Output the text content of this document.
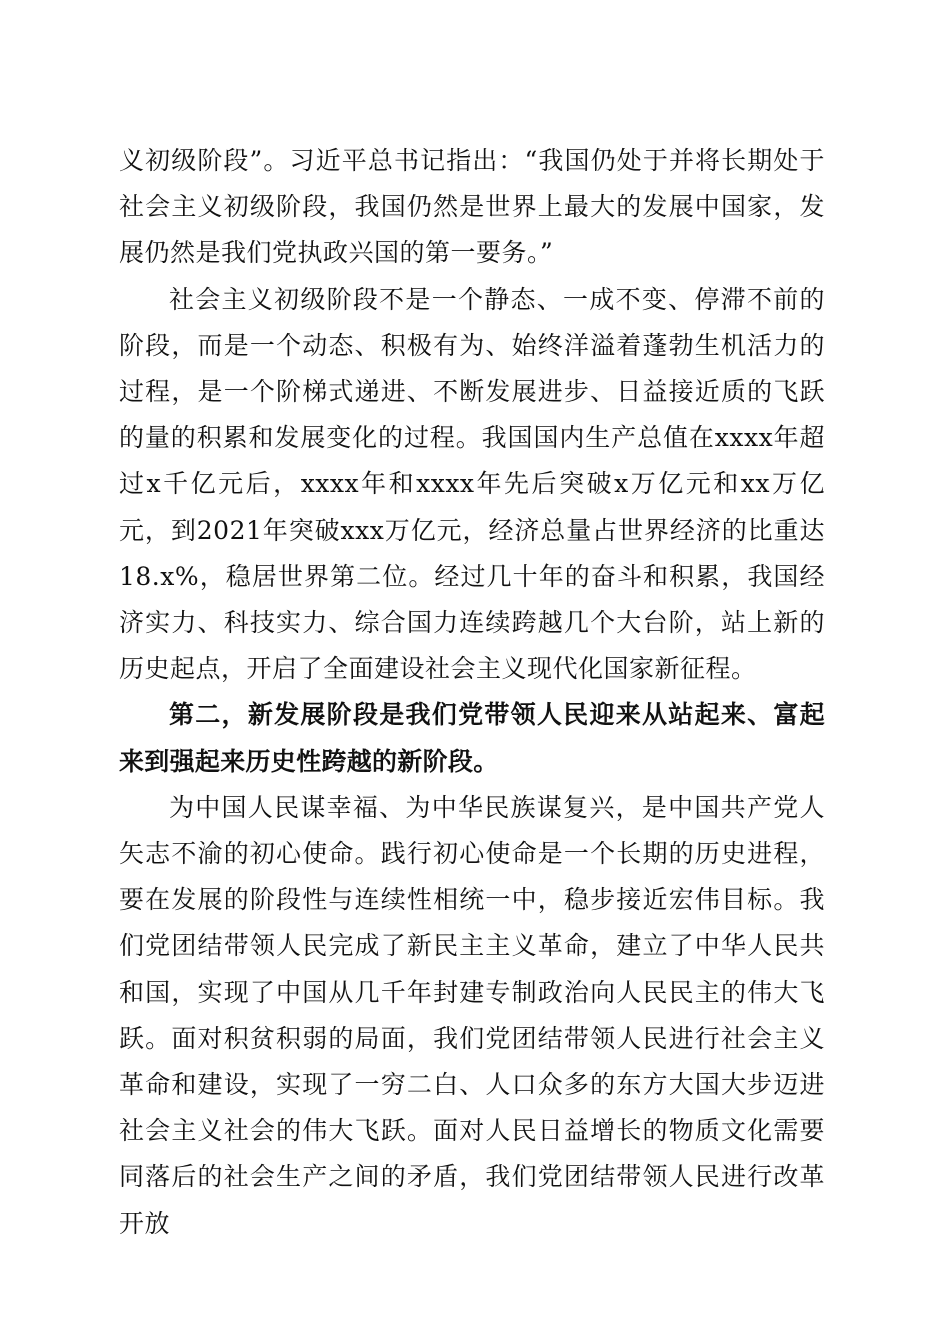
义初级阶段”。习近平总书记指出：“我国仍处于并将长期处于社会主义初级阶段，我国仍然是世界上最大的发展中国家，发展仍然是我们党执政兴国的第一要务。”

社会主义初级阶段不是一个静态、一成不变、停滞不前的阶段，而是一个动态、积极有为、始终洋溢着蓬勃生机活力的过程，是一个阶梯式递进、不断发展进步、日益接近质的飞跃的量的积累和发展变化的过程。我国国内生产总值在xxxx年超过x千亿元后，xxxx年和xxxx年先后突破x万亿元和xx万亿元，到2021年突破xxx万亿元，经济总量占世界经济的比重达18.x%，稳居世界第二位。经过几十年的奋斗和积累，我国经济实力、科技实力、综合国力连续跨越几个大台阶，站上新的历史起点，开启了全面建设社会主义现代化国家新征程。

第二，新发展阶段是我们党带领人民迎来从站起来、富起来到强起来历史性跨越的新阶段。

为中国人民谋幸福、为中华民族谋复兴，是中国共产党人矢志不渝的初心使命。践行初心使命是一个长期的历史进程，要在发展的阶段性与连续性相统一中，稳步接近宏伟目标。我们党团结带领人民完成了新民主主义革命，建立了中华人民共和国，实现了中国从几千年封建专制政治向人民民主的伟大飞跃。面对积贫积弱的局面，我们党团结带领人民进行社会主义革命和建设，实现了一穷二白、人口众多的东方大国大步迈进社会主义社会的伟大飞跃。面对人民日益增长的物质文化需要同落后的社会生产之间的矛盾，我们党团结带领人民进行改革开放
